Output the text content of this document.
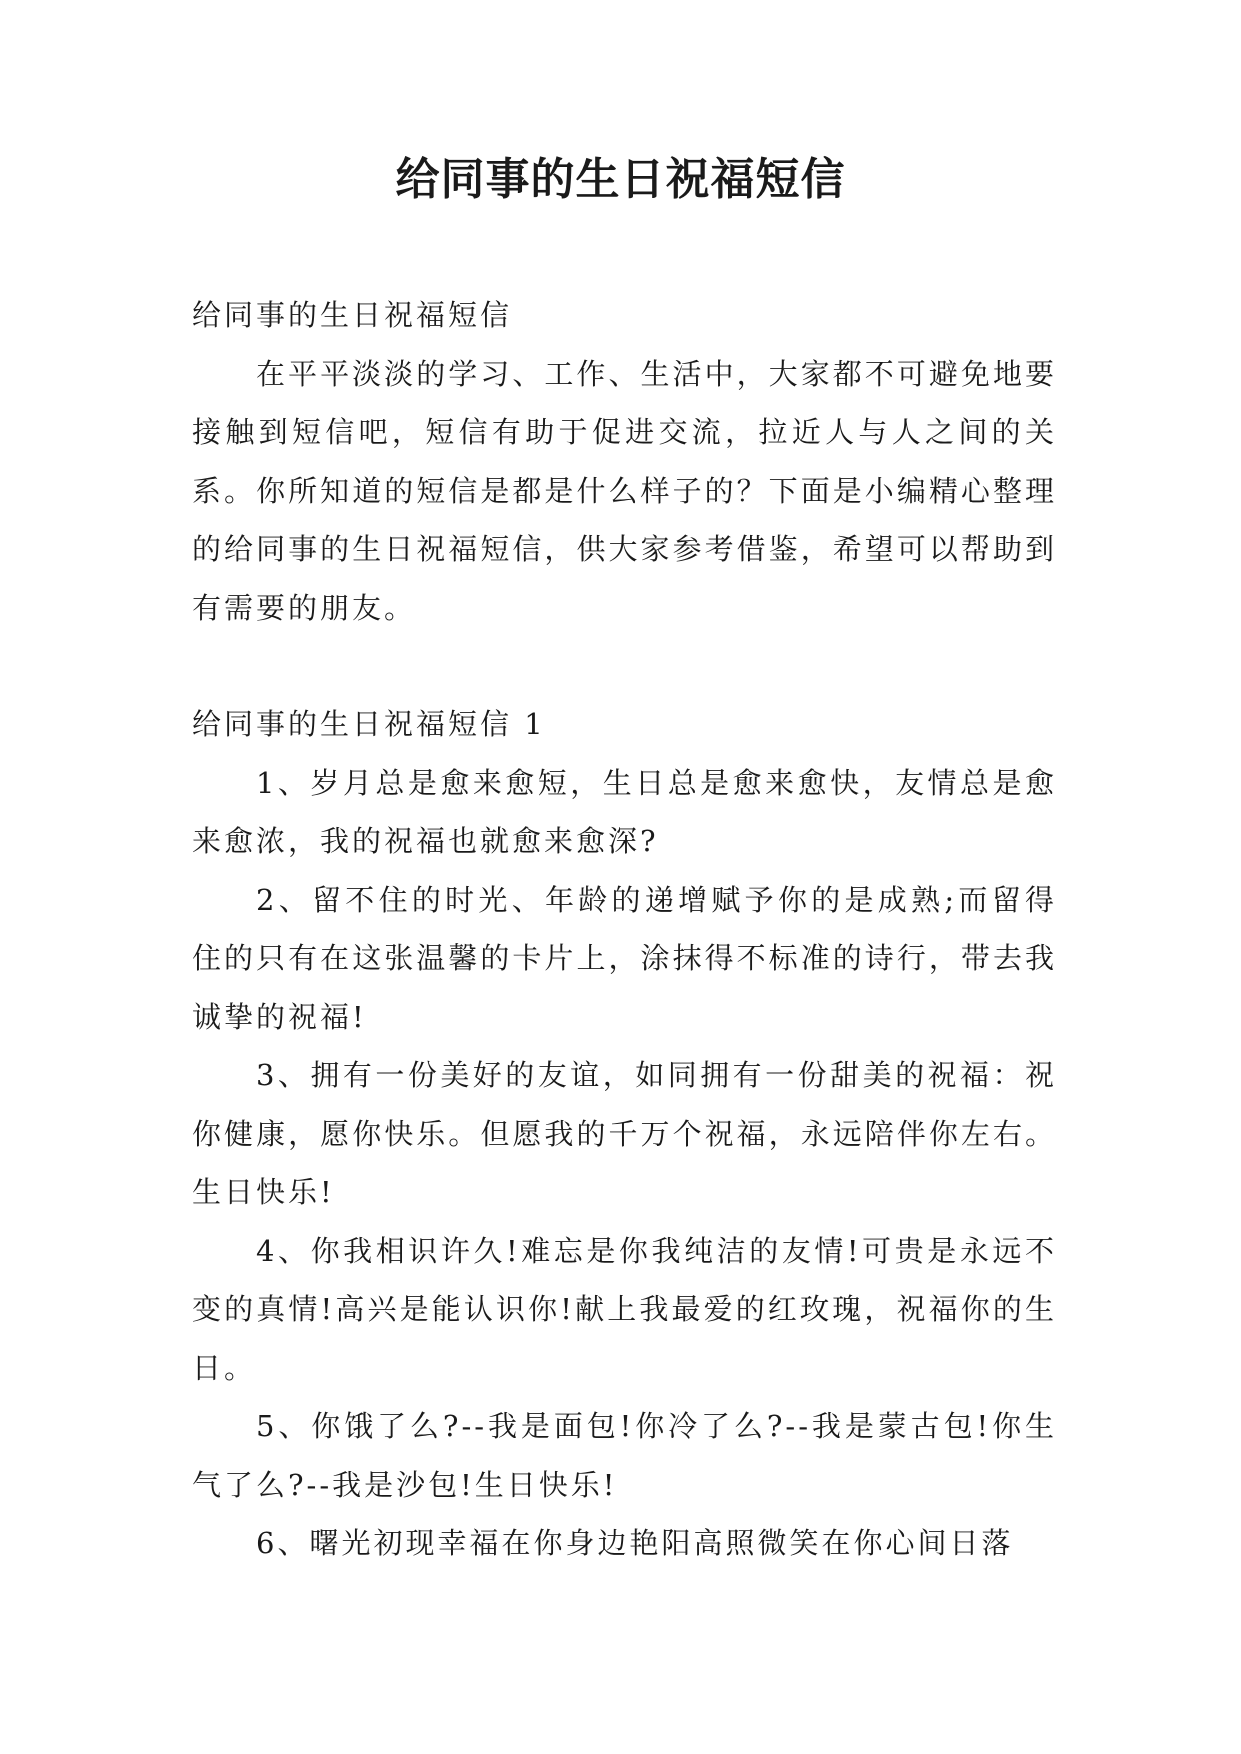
给同事的生日祝福短信

给同事的生日祝福短信

在平平淡淡的学习、工作、生活中，大家都不可避免地要接触到短信吧，短信有助于促进交流，拉近人与人之间的关系。你所知道的短信是都是什么样子的？下面是小编精心整理的给同事的生日祝福短信，供大家参考借鉴，希望可以帮助到有需要的朋友。

给同事的生日祝福短信 1

1、岁月总是愈来愈短，生日总是愈来愈快，友情总是愈来愈浓，我的祝福也就愈来愈深?

2、留不住的时光、年龄的递增赋予你的是成熟;而留得住的只有在这张温馨的卡片上，涂抹得不标准的诗行，带去我诚挚的祝福!

3、拥有一份美好的友谊，如同拥有一份甜美的祝福：祝你健康，愿你快乐。但愿我的千万个祝福，永远陪伴你左右。生日快乐!

4、你我相识许久!难忘是你我纯洁的友情!可贵是永远不变的真情!高兴是能认识你!献上我最爱的红玫瑰，祝福你的生日。

5、你饿了么?--我是面包!你冷了么?--我是蒙古包!你生气了么?--我是沙包!生日快乐!

6、曙光初现幸福在你身边艳阳高照微笑在你心间日落
